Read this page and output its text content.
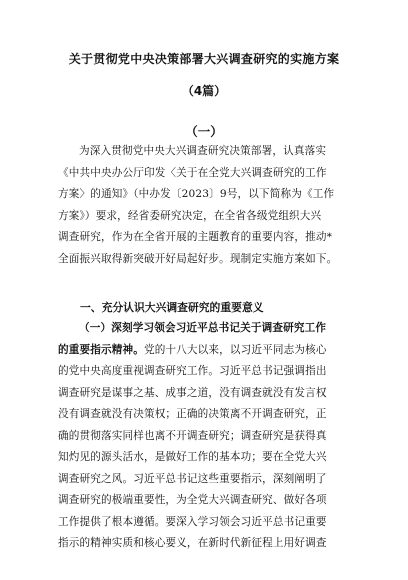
关于贯彻党中央决策部署大兴调查研究的实施方案
（4篇）
（一）
为深入贯彻党中央大兴调查研究决策部署，认真落实
《中共中央办公厅印发〈关于在全党大兴调查研究的工作
方案〉的通知》（中办发〔2023〕9号，以下简称为《工作
方案》）要求，经省委研究决定，在全省各级党组织大兴
调查研究，作为在全省开展的主题教育的重要内容，推动*
全面振兴取得新突破开好局起好步。现制定实施方案如下。
一、充分认识大兴调查研究的重要意义
（一）深刻学习领会习近平总书记关于调查研究工作
的重要指示精神。党的十八大以来，以习近平同志为核心
的党中央高度重视调查研究工作。习近平总书记强调指出
调查研究是谋事之基、成事之道，没有调查就没有发言权
没有调查就没有决策权；正确的决策离不开调查研究，正
确的贯彻落实同样也离不开调查研究；调查研究是获得真
知灼见的源头活水，是做好工作的基本功；要在全党大兴
调查研究之风。习近平总书记这些重要指示，深刻阐明了
调查研究的极端重要性，为全党大兴调查研究、做好各项
工作提供了根本遵循。要深入学习领会习近平总书记重要
指示的精神实质和核心要义，在新时代新征程上用好调查
